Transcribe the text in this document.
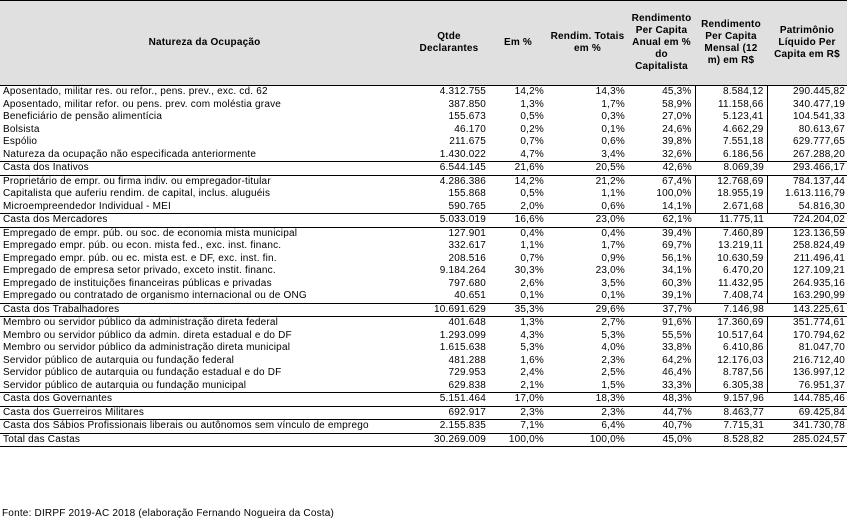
Natureza da Ocupação	Qtde Declarantes	Em %	Rendim. Totais em %	Rendimento Per Capita Anual em % do Capitalista	Rendimento Per Capita Mensal (12 m) em R$	Patrimônio Líquido Per Capita em R$
Aposentado, militar res. ou refor., pens. prev., exc. cd. 62	4.312.755	14,2%	14,3%	45,3%	8.584,12	290.445,82
Aposentado, militar refor. ou pens. prev. com moléstia grave	387.850	1,3%	1,7%	58,9%	11.158,66	340.477,19
Beneficiário de pensão alimentícia	155.673	0,5%	0,3%	27,0%	5.123,41	104.541,33
Bolsista	46.170	0,2%	0,1%	24,6%	4.662,29	80.613,67
Espólio	211.675	0,7%	0,6%	39,8%	7.551,18	629.777,65
Natureza da ocupação não especificada anteriormente	1.430.022	4,7%	3,4%	32,6%	6.186,56	267.288,20
Casta dos Inativos	6.544.145	21,6%	20,5%	42,6%	8.069,39	293.466,17
Proprietário de empr. ou firma indiv. ou empregador-titular	4.286.386	14,2%	21,2%	67,4%	12.768,69	784.137,44
Capitalista que auferiu rendim. de capital, inclus. aluguéis	155.868	0,5%	1,1%	100,0%	18.955,19	1.613.116,79
Microempreendedor Individual - MEI	590.765	2,0%	0,6%	14,1%	2.671,68	54.816,30
Casta dos Mercadores	5.033.019	16,6%	23,0%	62,1%	11.775,11	724.204,02
Empregado de empr. púb. ou soc. de economia mista municipal	127.901	0,4%	0,4%	39,4%	7.460,89	123.136,59
Empregado empr. púb. ou econ. mista fed., exc. inst. financ.	332.617	1,1%	1,7%	69,7%	13.219,11	258.824,49
Empregado empr. púb. ou ec. mista est. e DF, exc. inst. fin.	208.516	0,7%	0,9%	56,1%	10.630,59	211.496,41
Empregado de empresa setor privado, exceto instit. financ.	9.184.264	30,3%	23,0%	34,1%	6.470,20	127.109,21
Empregado de instituições financeiras públicas e privadas	797.680	2,6%	3,5%	60,3%	11.432,95	264.935,16
Empregado ou contratado de organismo internacional ou de ONG	40.651	0,1%	0,1%	39,1%	7.408,74	163.290,99
Casta dos Trabalhadores	10.691.629	35,3%	29,6%	37,7%	7.146,98	143.225,61
Membro ou servidor público da administração direta federal	401.648	1,3%	2,7%	91,6%	17.360,69	351.774,61
Membro ou servidor público da admin. direta estadual e do DF	1.293.099	4,3%	5,3%	55,5%	10.517,64	170.794,62
Membro ou servidor público da administração direta municipal	1.615.638	5,3%	4,0%	33,8%	6.410,86	81.047,70
Servidor público de autarquia ou fundação federal	481.288	1,6%	2,3%	64,2%	12.176,03	216.712,40
Servidor público de autarquia ou fundação estadual e do DF	729.953	2,4%	2,5%	46,4%	8.787,56	136.997,12
Servidor público de autarquia ou fundação municipal	629.838	2,1%	1,5%	33,3%	6.305,38	76.951,37
Casta dos Governantes	5.151.464	17,0%	18,3%	48,3%	9.157,96	144.785,46
Casta dos Guerreiros Militares	692.917	2,3%	2,3%	44,7%	8.463,77	69.425,84
Casta dos Sábios Profissionais liberais ou autônomos sem vínculo de emprego	2.155.835	7,1%	6,4%	40,7%	7.715,31	341.730,78
Total das Castas	30.269.009	100,0%	100,0%	45,0%	8.528,82	285.024,57
Fonte: DIRPF 2019-AC 2018 (elaboração Fernando Nogueira da Costa)
